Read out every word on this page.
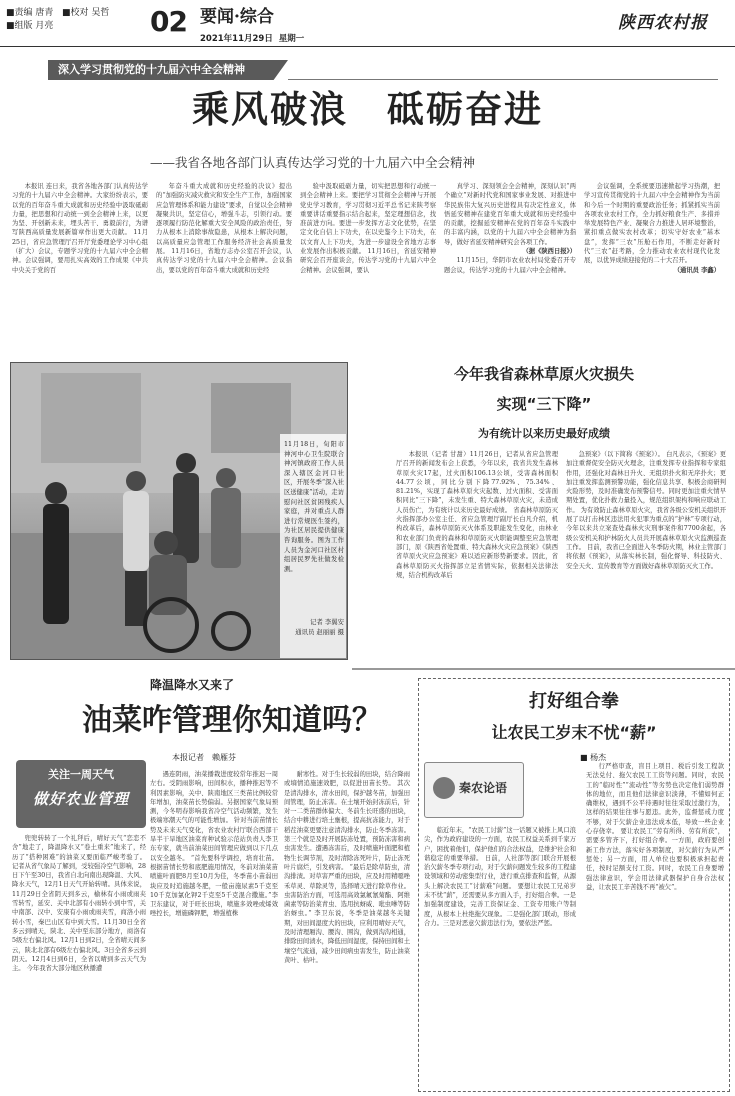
■责编 唐青 ■校对 吴哲
■组版 月亮	02 要闻·综合
2021年11月29日 星期一
陕西农村报
深入学习贯彻党的十九届六中全会精神
乘风破浪　砥砺奋进
——我省各地各部门认真传达学习党的十九届六中全会精神

本报讯 连日来，我省各地各部门认真传达学习党的十九届六中全会精神。大家纷纷表示，要以党的百年奋斗重大成就和历史经验中汲取砥砺力量，把思想和行动统一到全会精神上来，以更为坚、开创新未来，埋头苦干、勇毅前行，为谱写陕西高质量发展新篇章作出更大贡献。 11月25日，省应急管理厅召开厅党委理论学习中心组（扩大）会议，专题学习党的十九届六中全会精神。会议强调，要用扎实高效的工作成果《中共中央关于党的百

年奋斗重大成就和历史经验的决议》提出的“加强防灾减灾救灾和安全生产工作，加强国家应急管理体系和能力建设”要求，自觉以全会精神凝聚共识，坚定信心，增强斗志，引领行动。要逐项履行防范化解重大安全风险的政治责任，努力从根本上消除事故隐患，从根本上解决问题，以高质量应急管理工作服务经济社会高质量发展。 11月16日，省地方志办公室召开会议，认真传达学习党的十九届六中全会精神。会议指出，要以党的百年奋斗重大成就和历史经

验中汲取砥砺力量，切实把思想和行动统一到全会精神上来。要把学习贯彻全会精神与开展党史学习教育，学习贯彻习近平总书记来陕考察重要讲话重要指示结合起来，坚定理想信念，找准前进方向。要进一步发挥方志文化优势，在坚定文化自信上下功夫，在以史鉴今上下功夫，在以文育人上下功夫，为进一步建设全省地方志事业发展作出积极贡献。 11月16日，省延安精神研究会召开座谈会，传达学习党的十九届六中全会精神。会议强调，要认

真学习、深刻领会全会精神，深刻认识“两个确立”对新时代党和国家事业发展、对推进中华民族伟大复兴历史进程具有决定性意义，体悟延安精神在建党百年重大成就和历史经验中的贡献，挖掘延安精神在党的百年奋斗实践中的丰富内涵，以党的十九届六中全会精神为指导，做好省延安精神研究会各项工作。

（据《陕西日报》）

11月15日，华阴市农业农村局党委召开专题会议，传达学习党的十九届六中全会精神。

会议强调，全系统要迅速掀起学习热潮，把学习宣传贯彻党的十九届六中全会精神作为当前和今后一个时期的重要政治任务；抓紧抓实当前各项农业农村工作，全力抓好粮食生产、多措并举发展特色产业、凝聚合力推进人居环境整治，紧扣重点做实农村改革；切实守好农业“基本盘”，发挥“三农”压舱石作用，不断走好新时代“三农”赶考路，全力推动农业农村现代化发展，以优异成绩迎接党的二十大召开。

（通讯员 李鑫）
11月18日，旬阳市神河中心卫生院联合神河镇政府工作人员深入辖区金河口社区，开展冬季“深入社区送健康”活动，走访慰问社区贫困残疾人家庭，并对重点人群进行常规医生签约，为社区居民提供健康咨询服务。图为工作人员为金河口社区村组居民罗先社做发检测。
记者 李翼安
通讯员 赵丽丽 摄
今年我省森林草原火灾损失
实现“三下降”
为有统计以来历史最好成绩

本报讯（记者 甘甜）11月26日，记者从省应急管理厅召开的新闻发布会上获悉，今年以来，我省共发生森林草原火灾17起，过火面积106.13公顷，受害森林面积44.77公顷，同比分别下降77.92%、75.34%、81.21%，实现了森林草原火灾起数、过火面积、受害面积同比“三下降”，未发生重、特大森林草原火灾，未造成人员伤亡，为有统计以来历史最好成绩。 省森林草原防灭火指挥部办公室主任、省应急管理厅副厅长白凡介绍，机构改革后，森林草原防灭火体系及职能发生变化，由林业和农业部门负责的森林和草原防灭火职能调整至应急管理部门，原《陕西省处置重、特大森林火灾应急预案》《陕西省草原火灾应急预案》难以适应新形势新要求。因此，省森林草原防灭火指挥部立足省情实际，依据相关法律法规，结合机构改革后

急预案》（以下简称《预案》）。 白凡表示，《预案》更加注重督促安全防灭火理念，注重发挥专业指挥和专家组作用，还强化对森林日升火、无组织扑火和无序扑火；更加注重发挥监测预警功能，强化信息共享、积极会商研判火险形势，及时准确发布预警信号。同时更加注重火情早期处置，优化扑救力量投入，规范组织架构和响应联动工作。 为有效防止森林草原火灾，我省各级公安机关组织开展了以打击林区违法用火犯罪为重点的“护林”专项行动，今年以来共立案查处森林火灾刑事案件和7700余起，各级公安机关和护林防火人员共开展森林草原火灾监测巡查工作。 目前，我省已全面进入冬季防火期，林业主管部门将依据《预案》，从落实林长制，强化督导、科技防火、安全天火、宣传教育等方面做好森林草原防灭火工作。

降温降水又来了
油菜咋管理你知道吗？
本报记者　赖雁芬
关注一周天气
做好农业管理

兜兜转转了一个礼拜后，晴好天气“恋恋不舍”地走了，降温降水又“卷土重来”地来了，经历了“搭种困难”的油菜又要面临严峻考验了。 记者从省气象局了解到，受较强冷空气影响，28日下午至30日，我省自北向南出现降温、大风、降水天气，12月1日天气开始转晴。具体来说，11月29日全省阴天到多云，榆林有小雨或雨夹雪转雪，延安、关中北部有小雨转小到中雪，关中南部、汉中、安康有小雨或雨夹雪，商洛小雨转小雪，秦巴山区有中到大雪。11月30日全省多云到晴天，陕北、关中至东部分地方，商洛有5级左右偏北风。12月1日到2日，全省晴天间多云，陕北北部有6级左右偏北风。3日全省多云到阴天。12月4日到6日，全省以晴到多云天气为主。 今年我省大部分地区秋播遭

遇连阴雨，油菜播栽进度较常年推迟一周左右。受阴雨影响，田间积水，播种推迟等不利因素影响，关中、陕南地区三类苗比例较常年增加，油菜苗长势偏弱。另据国家气象局预测，今冬明春影响我省冷空气活动频繁，发生极端寒潮天气的可能性增加。 针对当前苗情长势及未来天气变化，省农业农村厅联合西部干旱半干旱地区油菜育种试验示范站负责人李卫东专家，就当前油菜田间管理应做到以下几点以安全越冬。 “首先要科学调控，培育壮苗。根据苗情长势和底肥施用情况，冬前对油菜苗喷施叶面肥8月至10月为佳，冬季苗小苗弱田块应及时追施越冬肥，一般亩施尿素5千克至10千克加氯化钾2千克至5千克混合撒施。”李卫东建议，对于旺长田块，喷施多效唑或烯效唑控长，增施磷钾肥，增强植株

耐寒性。对于生长较弱的田块，结合降雨或墒情追施速效肥，以促进田苗长势。 其次是清沟排水，清水田间，保护越冬苗，加强田间管理，防止冻害。在土壤开始封冻前后，针对一二类苗群体偏大、冬前生长旺盛的田块，结合中耕进行培土壅根，提高抗冻能力，对于稻茬油菜更要注意清沟排水，防止冬季冻害。第三个就是及时开展防冻处置，预防冻害和病虫害发生。遭遇冻害后，及时喷施叶面肥和植物生长调节剂，及时清除冻死叶片，防止冻死叶片腐烂，引发病害。 “最后是除草防虫，清沟排渍。对草害严重的田块，应及时用精噁唑禾草灵、草除灵等，选择晴天进行除草作业。虫害防治方面，可选用高效氯氟氰菊酯、阿维菌素等防治菜青虫、选用抗蚜威、吡虫啉等防治蚜虫。” 李卫东说，冬季是油菜越冬关键期，对田间湿度大的田块，应利用晴好天气，及时清理厢沟、腰沟、围沟，做到沟沟相通，排除田间渍水，降低田间湿度，保持田间和土壤空气流通，减少田间病虫害发生，防止油菜黄叶、枯叶。

打好组合拳
让农民工岁末不忧“薪”
■ 杨杰
秦农论语

临近年末，“农民工讨薪”这一话题又被推上风口浪尖，作为政府建设的一方面，农民工权益关系到千家万户，困扰着他们，保护他们的合法权益，是维护社会和谐稳定的重要举措。 日前，人社部等部门联合开展根治欠薪冬季专项行动，对于欠薪问题发生较多的工程建设领域和劳动密集型行业，进行重点排查和监督，从源头上解决农民工“讨薪难”问题。 要想让农民工兄弟岁末不忧“薪”，还需要从多方面入手，打好组合拳。一是加强制度建设，完善工资保证金、工资专用账户等制度，从根本上杜绝拖欠现象。二是强化部门联动，形成合力。三是对恶意欠薪违法行为，要依法严惩。

行严格审查，盲目上项目、税后引发工程款无法兑付、拖欠农民工工资等问题。同时，农民工的“临时性”“流动性”等劣势也决定他们弱势群体的地位，而且他们法律意识淡薄，不懂如何正确维权，遇到不公平待遇时往往采取过激行为，这样的结果往往事与愿违。此外，监督惩戒力度不够，对于欠薪企业违法成本低，导致一些企业心存侥幸。 要让农民工“劳有所得、劳有所获”，需要多管齐下，打好组合拳。一方面，政府要创新工作方法，落实好各项制度，对欠薪行为从严惩处；另一方面，用人单位也要积极承担起责任，按时足额支付工资。同时，农民工自身要增强法律意识，学会用法律武器保护自身合法权益，让农民工辛苦钱不再“被欠”。
